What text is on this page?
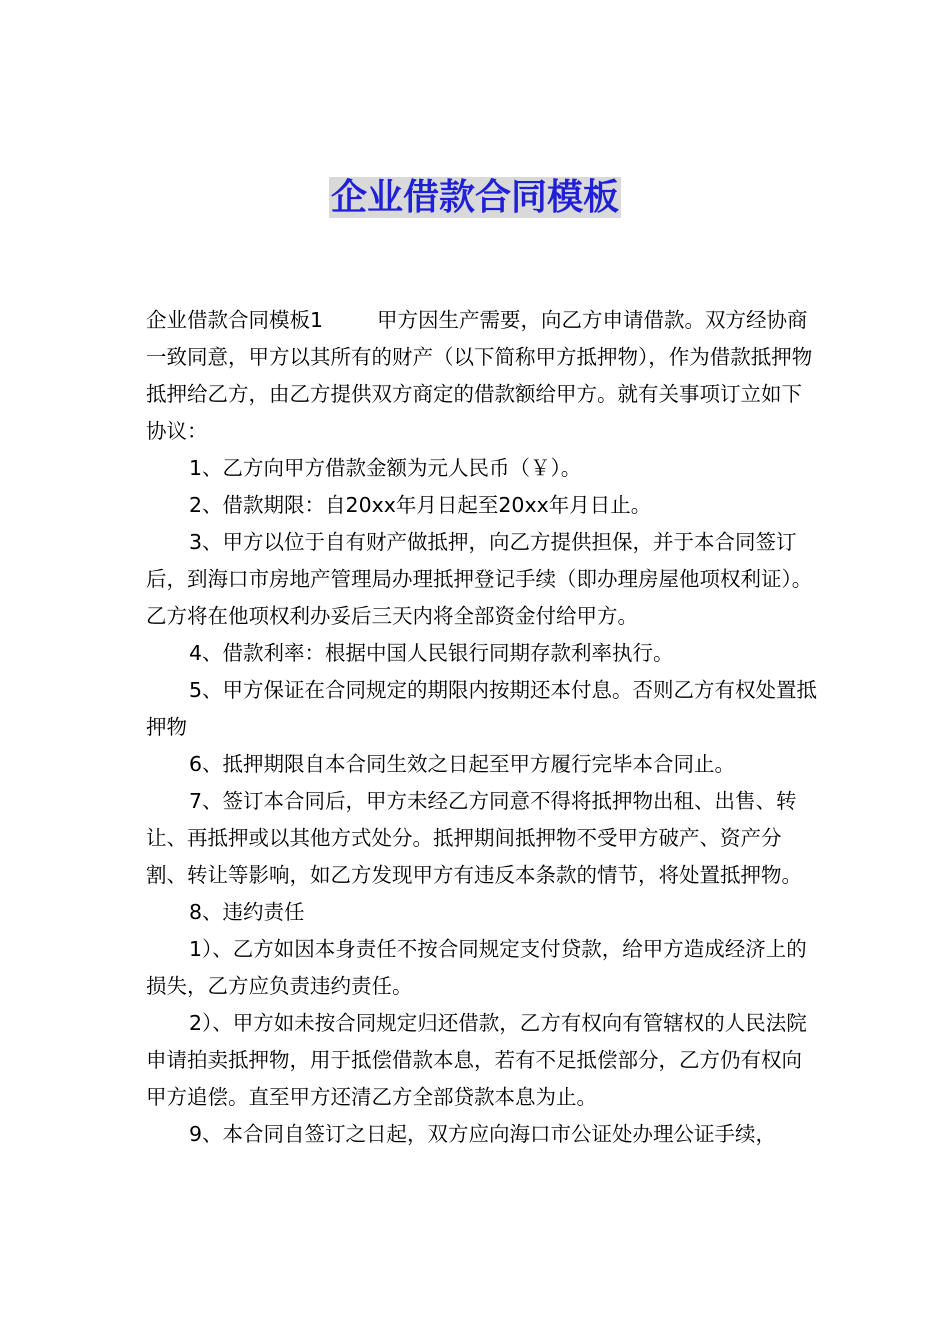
企业借款合同模板

企业借款合同模板1	甲方因生产需要，向乙方申请借款。双方经协商一致同意，甲方以其所有的财产（以下简称甲方抵押物），作为借款抵押物抵押给乙方，由乙方提供双方商定的借款额给甲方。就有关事项订立如下协议：

1、乙方向甲方借款金额为元人民币（￥）。

2、借款期限：自20xx年月日起至20xx年月日止。

3、甲方以位于自有财产做抵押，向乙方提供担保，并于本合同签订后，到海口市房地产管理局办理抵押登记手续（即办理房屋他项权利证）。乙方将在他项权利办妥后三天内将全部资金付给甲方。

4、借款利率：根据中国人民银行同期存款利率执行。

5、甲方保证在合同规定的期限内按期还本付息。否则乙方有权处置抵押物

6、抵押期限自本合同生效之日起至甲方履行完毕本合同止。

7、签订本合同后，甲方未经乙方同意不得将抵押物出租、出售、转让、再抵押或以其他方式处分。抵押期间抵押物不受甲方破产、资产分割、转让等影响，如乙方发现甲方有违反本条款的情节，将处置抵押物。

8、违约责任

1）、乙方如因本身责任不按合同规定支付贷款，给甲方造成经济上的损失，乙方应负责违约责任。

2）、甲方如未按合同规定归还借款，乙方有权向有管辖权的人民法院申请拍卖抵押物，用于抵偿借款本息，若有不足抵偿部分，乙方仍有权向甲方追偿。直至甲方还清乙方全部贷款本息为止。

9、本合同自签订之日起，双方应向海口市公证处办理公证手续，
